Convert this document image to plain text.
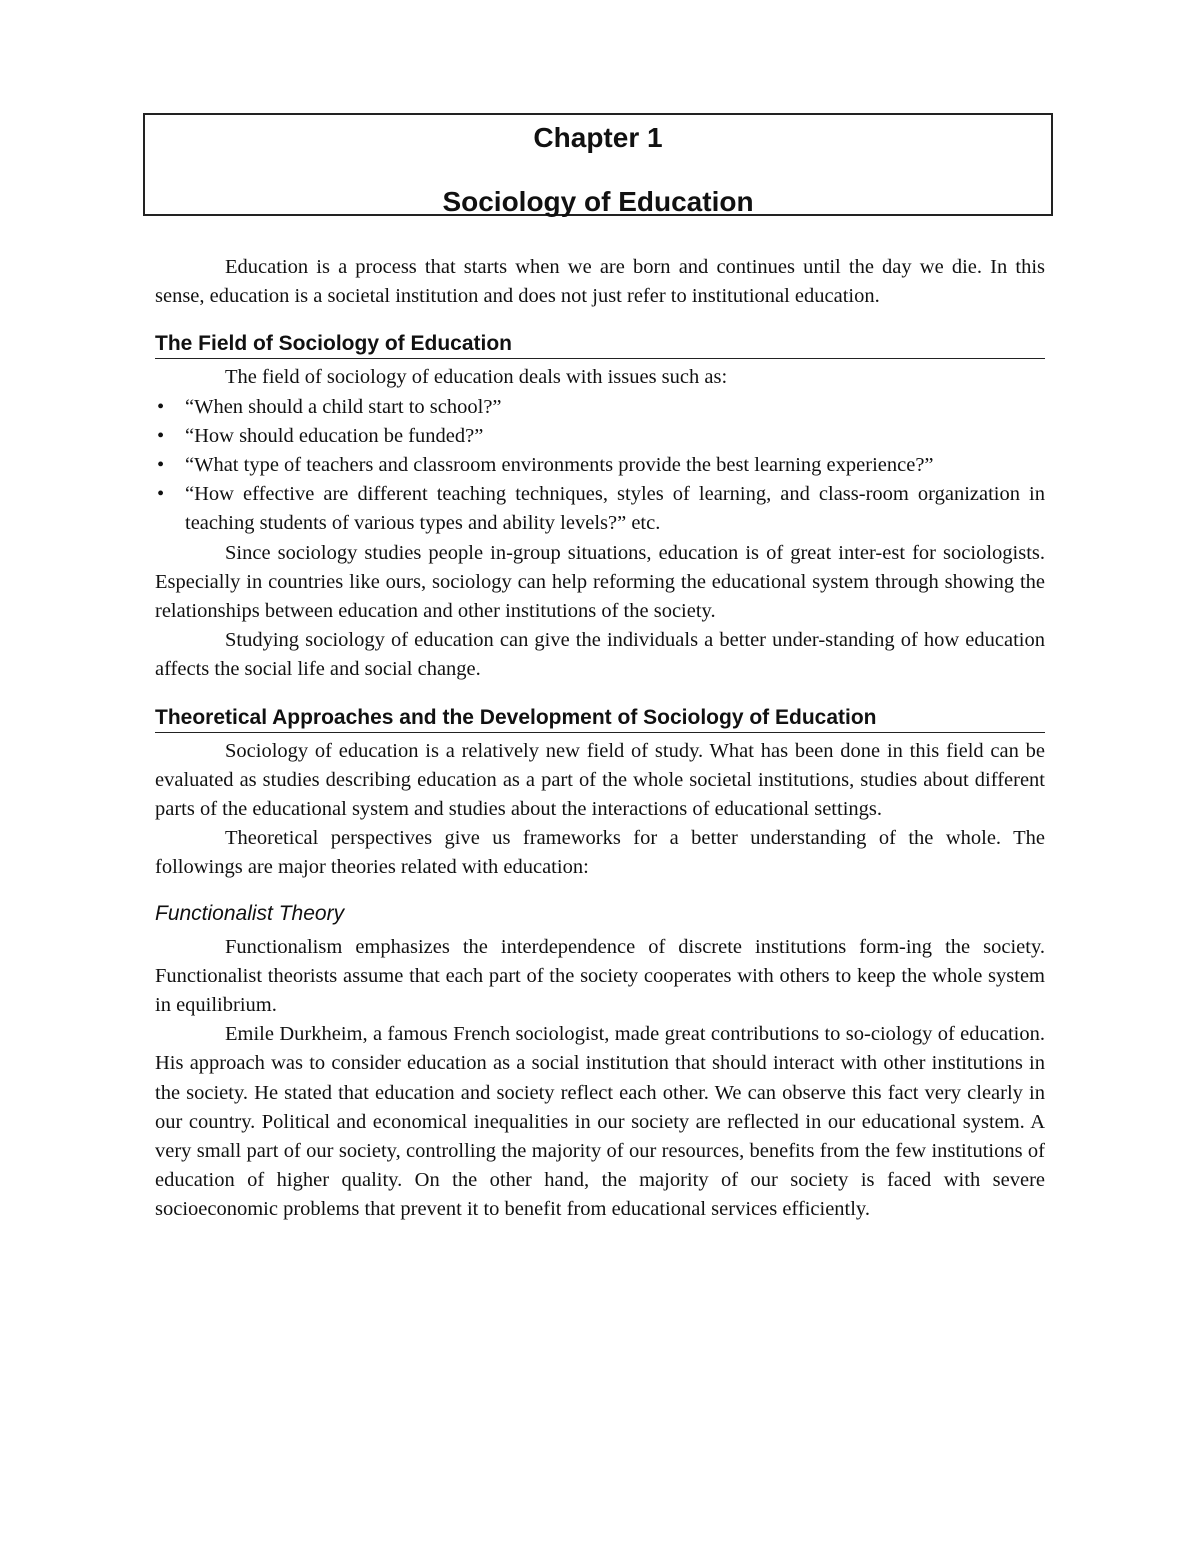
Chapter 1
Sociology of Education

Education is a process that starts when we are born and continues until the day we die. In this sense, education is a societal institution and does not just refer to institutional education.

The Field of Sociology of Education

The field of sociology of education deals with issues such as:

• “When should a child start to school?”
• “How should education be funded?”
• “What type of teachers and classroom environments provide the best learning experience?”
• “How effective are different teaching techniques, styles of learning, and class-room organization in teaching students of various types and ability levels?” etc.

Since sociology studies people in-group situations, education is of great inter-est for sociologists. Especially in countries like ours, sociology can help reforming the educational system through showing the relationships between education and other institutions of the society.

Studying sociology of education can give the individuals a better under-standing of how education affects the social life and social change.

Theoretical Approaches and the Development of Sociology of Education

Sociology of education is a relatively new field of study. What has been done in this field can be evaluated as studies describing education as a part of the whole societal institutions, studies about different parts of the educational system and studies about the interactions of educational settings.

Theoretical perspectives give us frameworks for a better understanding of the whole. The followings are major theories related with education:

Functionalist Theory

Functionalism emphasizes the interdependence of discrete institutions form-ing the society. Functionalist theorists assume that each part of the society cooperates with others to keep the whole system in equilibrium.

Emile Durkheim, a famous French sociologist, made great contributions to so-ciology of education. His approach was to consider education as a social institution that should interact with other institutions in the society. He stated that education and society reflect each other. We can observe this fact very clearly in our country. Political and economical inequalities in our society are reflected in our educational system. A very small part of our society, controlling the majority of our resources, benefits from the few institutions of education of higher quality. On the other hand, the majority of our society is faced with severe socioeconomic problems that prevent it to benefit from educational services efficiently.
